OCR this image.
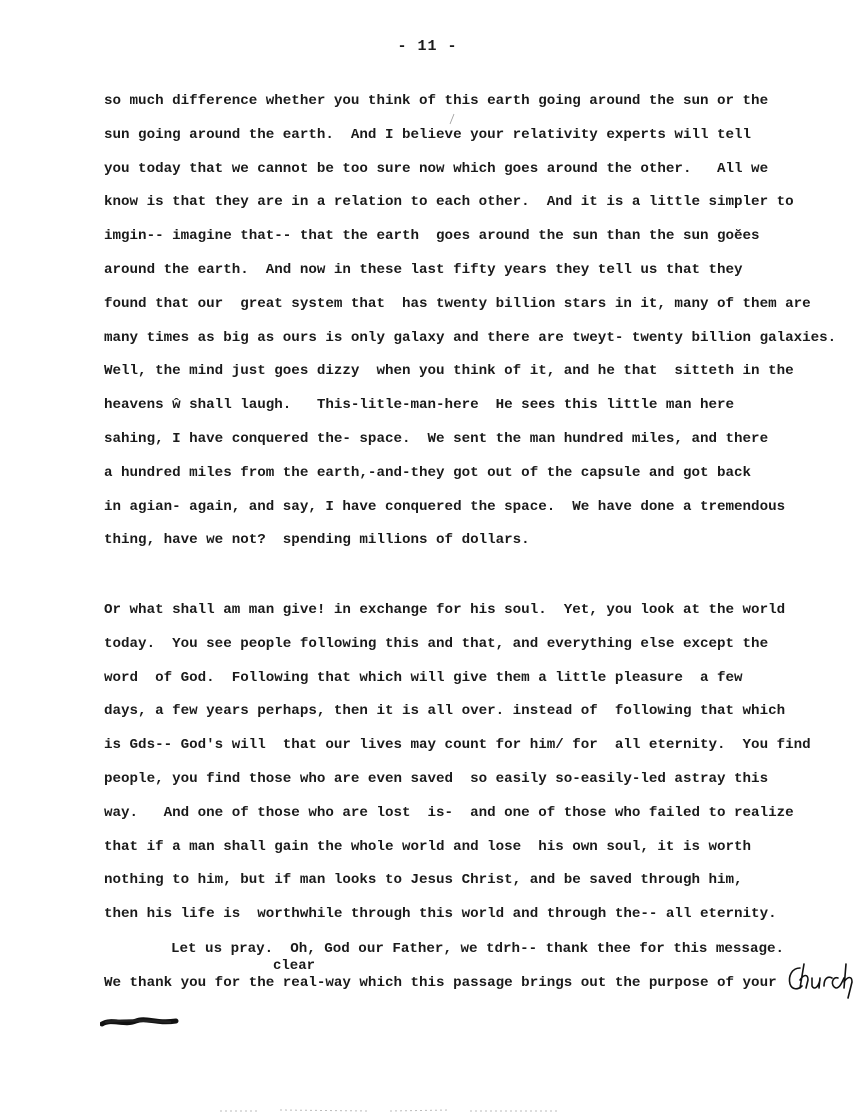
- 11 -
so much difference whether you think of this earth going around the sun or the
sun going around the earth.  And I believe your relativity experts will tell
you today that we cannot be too sure now which goes around the other.   All we
know is that they are in a relation to each other.  And it is a little simpler to
imgin-- imagine that-- that the earth  goes around the sun than the sun goĕes
around the earth.  And now in these last fifty years they tell us that they
found that our  great system that  has twenty billion stars in it, many of them are
many times as big as ours is only galaxy and there are tweyt- twenty billion galaxies.
Well, the mind just goes dizzy  when you think of it, and he that  sitteth in the
heavens ŵ shall laugh.   This-litle-man-here  He sees this little man here
sahing, I have conquered the- space.  We sent the man hundred miles, and there
a hundred miles from the earth,-and-they got out of the capsule and got back
in agian- again, and say, I have conquered the space.  We have done a tremendous
thing, have we not?  spending millions of dollars.
Or what shall am man give! in exchange for his soul.  Yet, you look at the world
today.  You see people following this and that, and everything else except the
word  of God.  Following that which will give them a little pleasure  a few
days, a few years perhaps, then it is all over. instead of  following that which
is Gds-- God's will  that our lives may count for him/ for  all eternity.  You find
people, you find those who are even saved  so easily so-easily-led astray this
way.   And one of those who are lost  is-  and one of those who failed to realize
that if a man shall gain the whole world and lose  his own soul, it is worth
nothing to him, but if man looks to Jesus Christ, and be saved through him,
then his life is  worthwhile through this world and through the-- all eternity.
Let us pray.  Oh, God our Father, we tdrh-- thank thee for this message.
We thank you for the real-way which this passage brings out the purpose of your
clear
